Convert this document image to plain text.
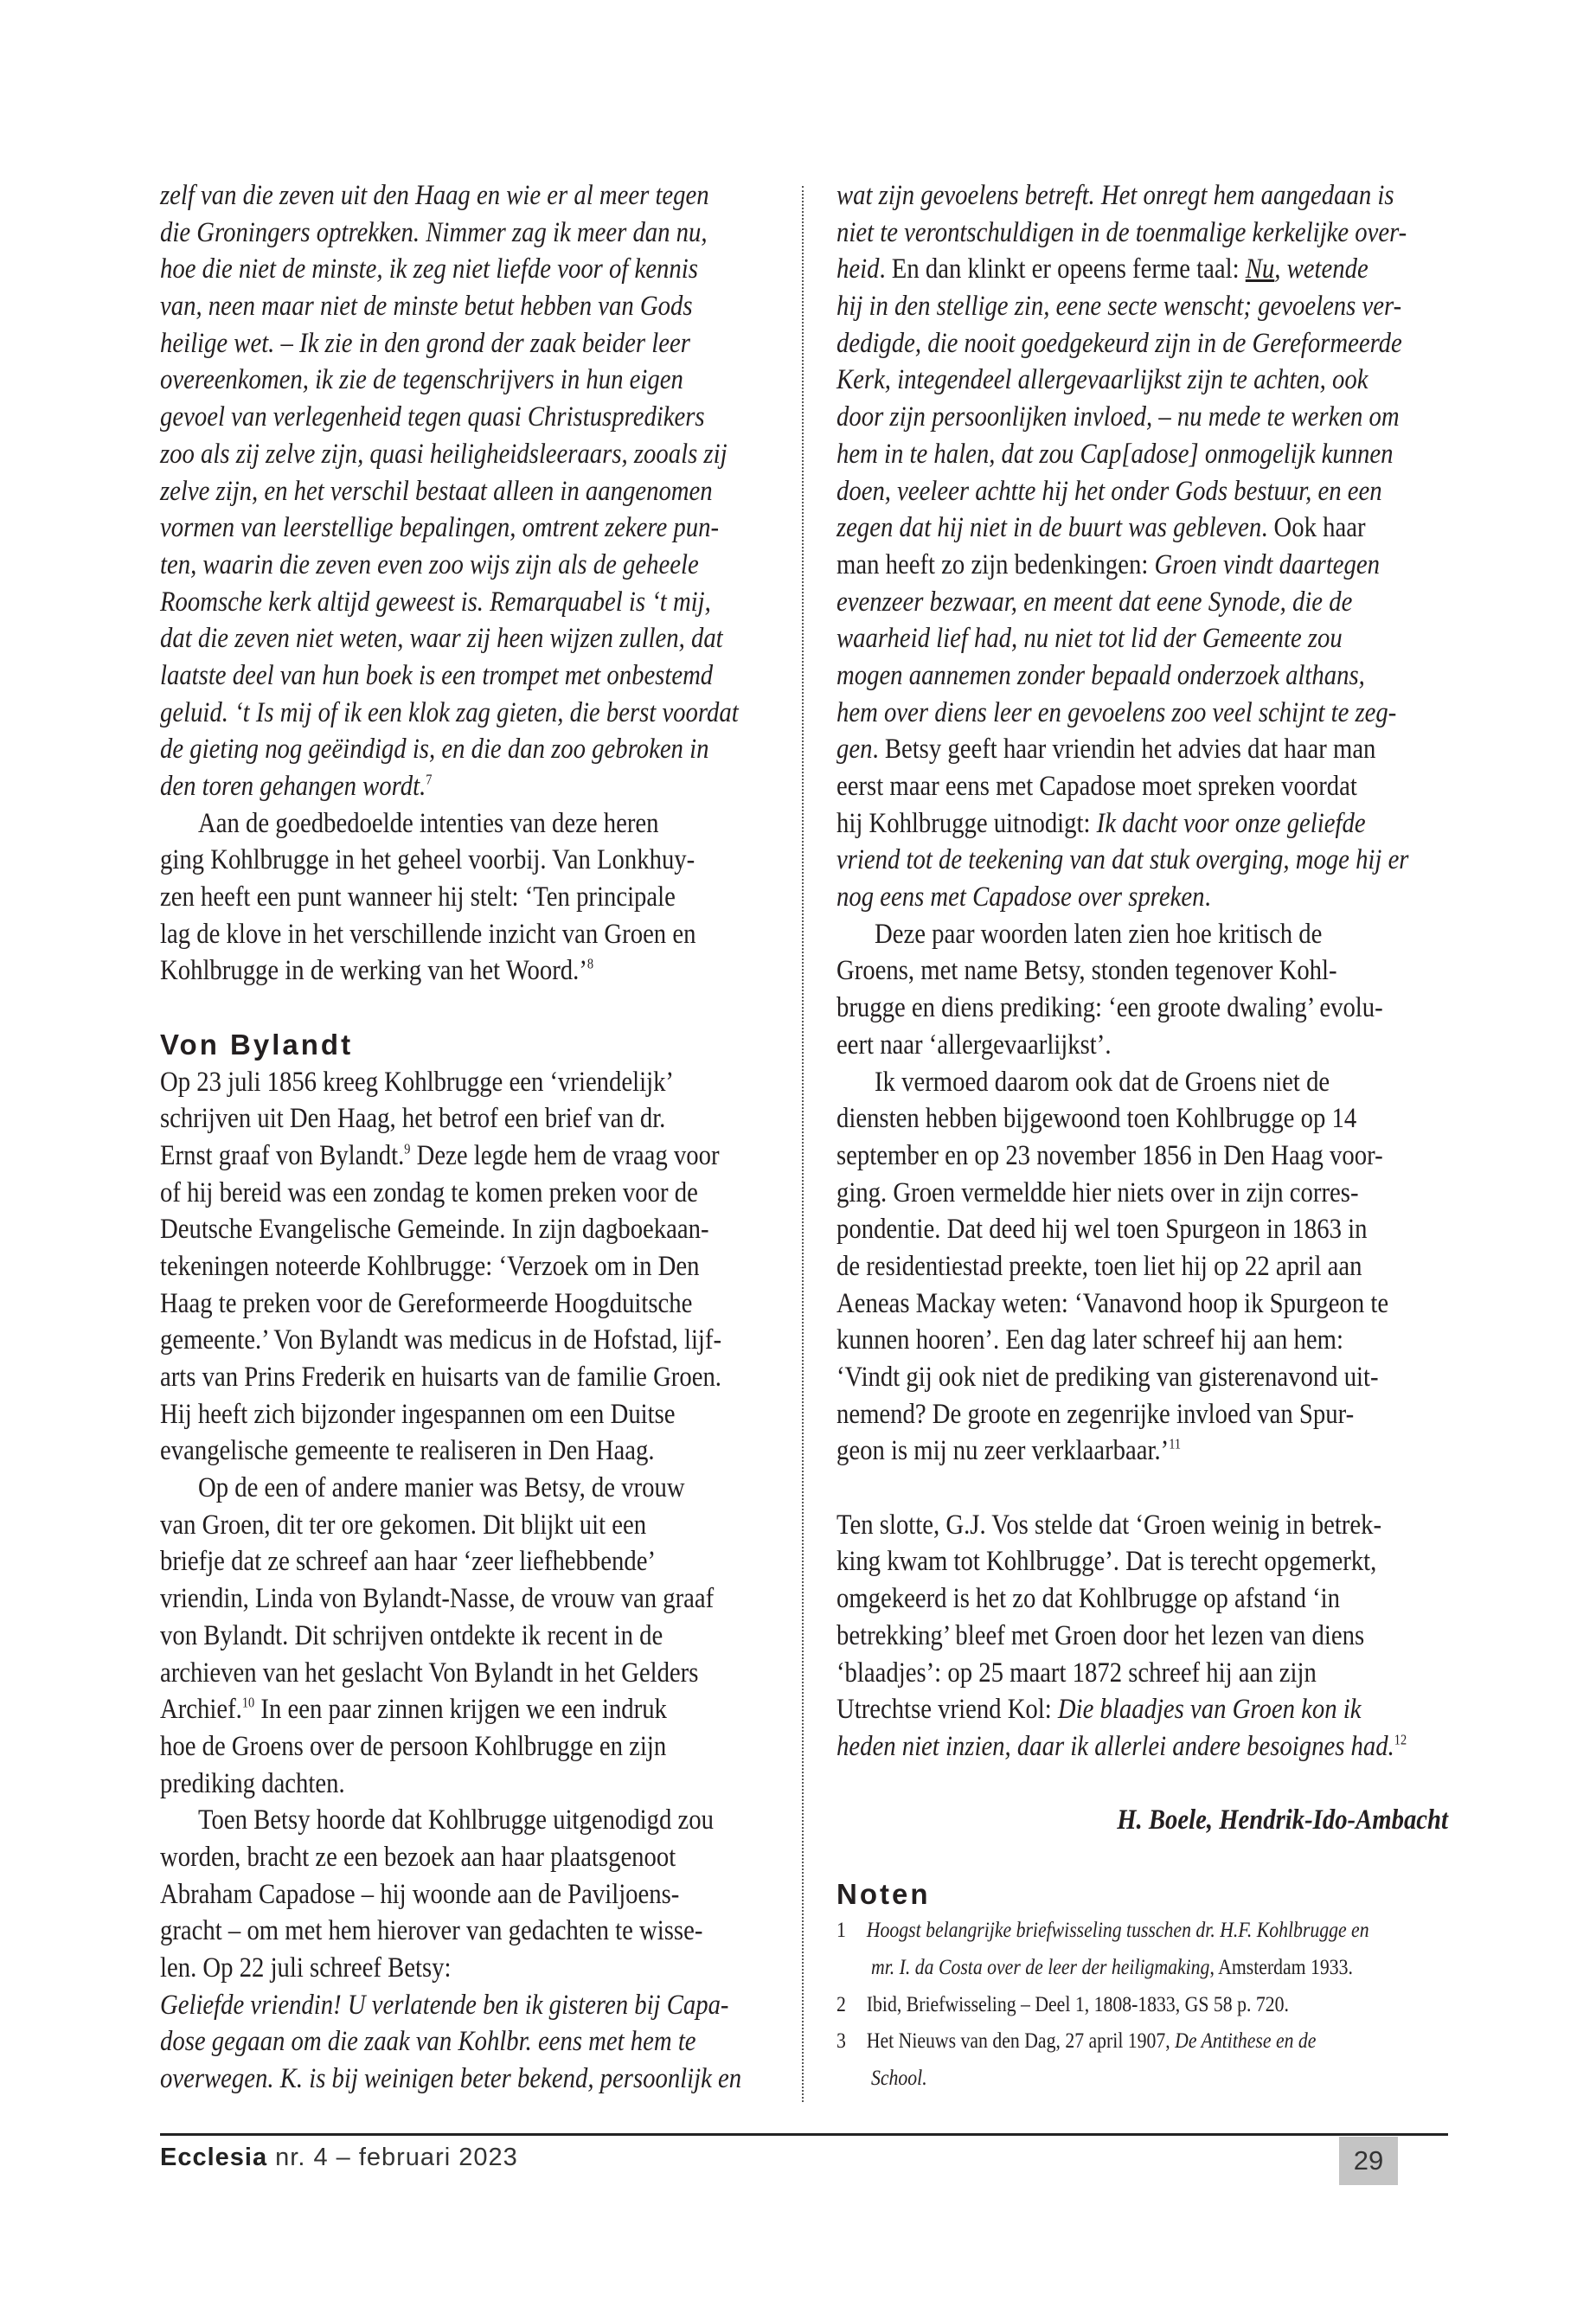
zelf van die zeven uit den Haag en wie er al meer tegen
die Groningers optrekken. Nimmer zag ik meer dan nu,
hoe die niet de minste, ik zeg niet liefde voor of kennis
van, neen maar niet de minste betut hebben van Gods
heilige wet. – Ik zie in den grond der zaak beider leer
overeenkomen, ik zie de tegenschrijvers in hun eigen
gevoel van verlegenheid tegen quasi Christuspredikers
zoo als zij zelve zijn, quasi heiligheidsleeraars, zooals zij
zelve zijn, en het verschil bestaat alleen in aangenomen
vormen van leerstellige bepalingen, omtrent zekere pun-
ten, waarin die zeven even zoo wijs zijn als de geheele
Roomsche kerk altijd geweest is. Remarquabel is ‘t mij,
dat die zeven niet weten, waar zij heen wijzen zullen, dat
laatste deel van hun boek is een trompet met onbestemd
geluid. ‘t Is mij of ik een klok zag gieten, die berst voordat
de gieting nog geëindigd is, en die dan zoo gebroken in
den toren gehangen wordt.$^7$
Aan de goedbedoelde intenties van deze heren
ging Kohlbrugge in het geheel voorbij. Van Lonkhuy-
zen heeft een punt wanneer hij stelt: ‘Ten principale
lag de klove in het verschillende inzicht van Groen en
Kohlbrugge in de werking van het Woord.’$^8$
Von Bylandt
Op 23 juli 1856 kreeg Kohlbrugge een ‘vriendelijk’
schrijven uit Den Haag, het betrof een brief van dr.
Ernst graaf von Bylandt.$^9$ Deze legde hem de vraag voor
of hij bereid was een zondag te komen preken voor de
Deutsche Evangelische Gemeinde. In zijn dagboekaan-
tekeningen noteerde Kohlbrugge: ‘Verzoek om in Den
Haag te preken voor de Gereformeerde Hoogduitsche
gemeente.’ Von Bylandt was medicus in de Hofstad, lijf-
arts van Prins Frederik en huisarts van de familie Groen.
Hij heeft zich bijzonder ingespannen om een Duitse
evangelische gemeente te realiseren in Den Haag.
Op de een of andere manier was Betsy, de vrouw
van Groen, dit ter ore gekomen. Dit blijkt uit een
briefje dat ze schreef aan haar ‘zeer liefhebbende’
vriendin, Linda von Bylandt-Nasse, de vrouw van graaf
von Bylandt. Dit schrijven ontdekte ik recent in de
archieven van het geslacht Von Bylandt in het Gelders
Archief.$^{10}$ In een paar zinnen krijgen we een indruk
hoe de Groens over de persoon Kohlbrugge en zijn
prediking dachten.
Toen Betsy hoorde dat Kohlbrugge uitgenodigd zou
worden, bracht ze een bezoek aan haar plaatsgenoot
Abraham Capadose – hij woonde aan de Paviljoens-
gracht – om met hem hierover van gedachten te wisse-
len. Op 22 juli schreef Betsy:
Geliefde vriendin! U verlatende ben ik gisteren bij Capa-
dose gegaan om die zaak van Kohlbr. eens met hem te
overwegen. K. is bij weinigen beter bekend, persoonlijk en
wat zijn gevoelens betreft. Het onregt hem aangedaan is
niet te verontschuldigen in de toenmalige kerkelijke over-
heid. En dan klinkt er opeens ferme taal: Nu, wetende
hij in den stellige zin, eene secte wenscht; gevoelens ver-
dedigde, die nooit goedgekeurd zijn in de Gereformeerde
Kerk, integendeel allergevaarlijkst zijn te achten, ook
door zijn persoonlijken invloed, – nu mede te werken om
hem in te halen, dat zou Cap[adose] onmogelijk kunnen
doen, veeleer achtte hij het onder Gods bestuur, en een
zegen dat hij niet in de buurt was gebleven. Ook haar
man heeft zo zijn bedenkingen: Groen vindt daartegen
evenzeer bezwaar, en meent dat eene Synode, die de
waarheid lief had, nu niet tot lid der Gemeente zou
mogen aannemen zonder bepaald onderzoek althans,
hem over diens leer en gevoelens zoo veel schijnt te zeg-
gen. Betsy geeft haar vriendin het advies dat haar man
eerst maar eens met Capadose moet spreken voordat
hij Kohlbrugge uitnodigt: Ik dacht voor onze geliefde
vriend tot de teekening van dat stuk overging, moge hij er
nog eens met Capadose over spreken.
Deze paar woorden laten zien hoe kritisch de
Groens, met name Betsy, stonden tegenover Kohl-
brugge en diens prediking: ‘een groote dwaling’ evolu-
eert naar ‘allergevaarlijkst’.
Ik vermoed daarom ook dat de Groens niet de
diensten hebben bijgewoond toen Kohlbrugge op 14
september en op 23 november 1856 in Den Haag voor-
ging. Groen vermeldde hier niets over in zijn corres-
pondentie. Dat deed hij wel toen Spurgeon in 1863 in
de residentiestad preekte, toen liet hij op 22 april aan
Aeneas Mackay weten: ‘Vanavond hoop ik Spurgeon te
kunnen hooren’. Een dag later schreef hij aan hem:
‘Vindt gij ook niet de prediking van gisterenavond uit-
nemend? De groote en zegenrijke invloed van Spur-
geon is mij nu zeer verklaarbaar.’$^{11}$
Ten slotte, G.J. Vos stelde dat ‘Groen weinig in betrek-
king kwam tot Kohlbrugge’. Dat is terecht opgemerkt,
omgekeerd is het zo dat Kohlbrugge op afstand ‘in
betrekking’ bleef met Groen door het lezen van diens
‘blaadjes’: op 25 maart 1872 schreef hij aan zijn
Utrechtse vriend Kol: Die blaadjes van Groen kon ik
heden niet inzien, daar ik allerlei andere besoignes had.$^{12}$
H. Boele, Hendrik-Ido-Ambacht
Noten
1 Hoogst belangrijke briefwisseling tusschen dr. H.F. Kohlbrugge en
mr. I. da Costa over de leer der heiligmaking, Amsterdam 1933.
2 Ibid, Briefwisseling – Deel 1, 1808-1833, GS 58 p. 720.
3 Het Nieuws van den Dag, 27 april 1907, De Antithese en de
School.
Ecclesia nr. 4 – februari 2023	29
